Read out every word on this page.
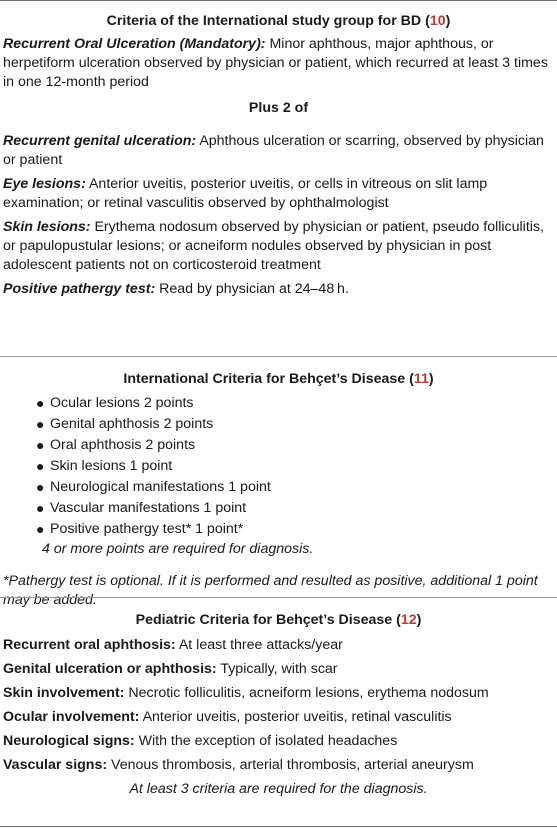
Criteria of the International study group for BD (10)

Recurrent Oral Ulceration (Mandatory): Minor aphthous, major aphthous, or herpetiform ulceration observed by physician or patient, which recurred at least 3 times in one 12-month period

Plus 2 of

Recurrent genital ulceration: Aphthous ulceration or scarring, observed by physician or patient

Eye lesions: Anterior uveitis, posterior uveitis, or cells in vitreous on slit lamp examination; or retinal vasculitis observed by ophthalmologist

Skin lesions: Erythema nodosum observed by physician or patient, pseudo folliculitis, or papulopustular lesions; or acneiform nodules observed by physician in post adolescent patients not on corticosteroid treatment

Positive pathergy test: Read by physician at 24–48 h.

International Criteria for Behçet’s Disease (11)

● Ocular lesions 2 points
● Genital aphthosis 2 points
● Oral aphthosis 2 points
● Skin lesions 1 point
● Neurological manifestations 1 point
● Vascular manifestations 1 point
● Positive pathergy test* 1 point*

4 or more points are required for diagnosis.

*Pathergy test is optional. If it is performed and resulted as positive, additional 1 point may be added.

Pediatric Criteria for Behçet’s Disease (12)

Recurrent oral aphthosis: At least three attacks/year

Genital ulceration or aphthosis: Typically, with scar

Skin involvement: Necrotic folliculitis, acneiform lesions, erythema nodosum

Ocular involvement: Anterior uveitis, posterior uveitis, retinal vasculitis

Neurological signs: With the exception of isolated headaches

Vascular signs: Venous thrombosis, arterial thrombosis, arterial aneurysm

At least 3 criteria are required for the diagnosis.
